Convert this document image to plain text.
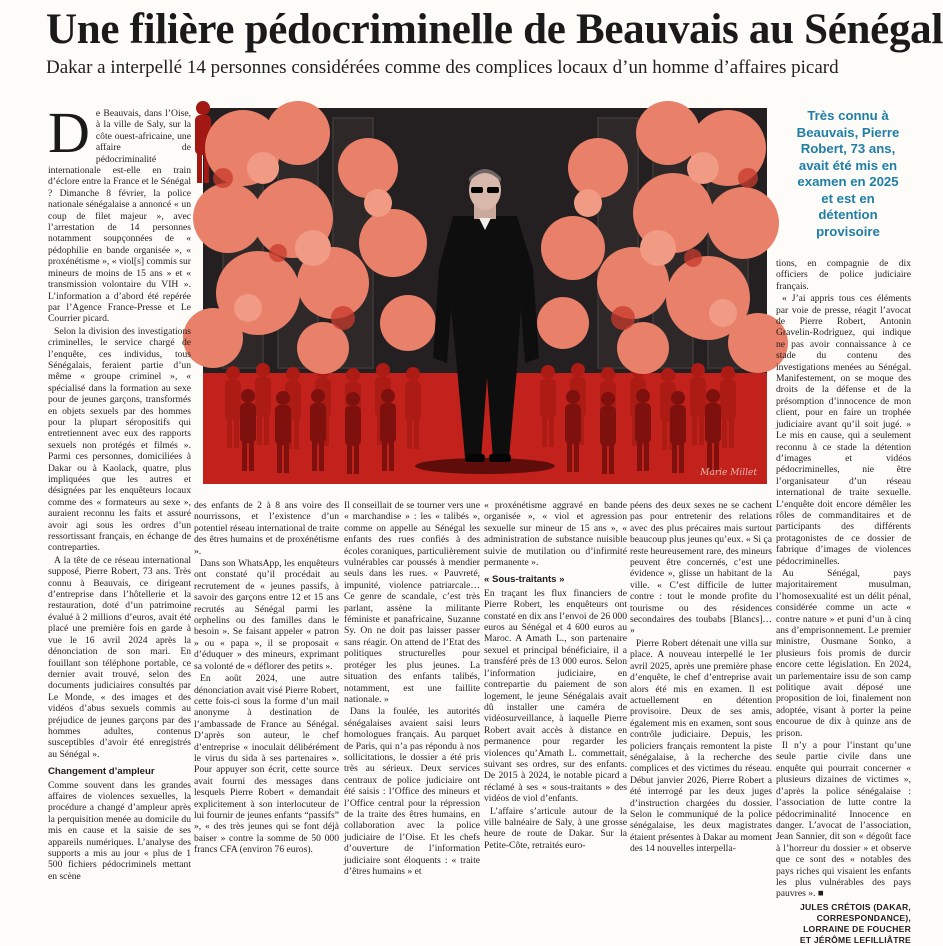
Une filière pédocriminelle de Beauvais au Sénégal
Dakar a interpellé 14 personnes considérées comme des complices locaux d’un homme d’affaires picard
Marie Millet
Très connu à Beauvais, Pierre Robert, 73 ans, avait été mis en examen en 2025 et est en détention provisoire

De Beauvais, dans l’Oise, à la ville de Saly, sur la côte ouest-africaine, une affaire de pédocriminalité internationale est-elle en train d’éclore entre la France et le Sénégal ? Dimanche 8 février, la police nationale sénégalaise a annoncé « un coup de filet majeur », avec l’arrestation de 14 personnes notamment soupçonnées de « pédophilie en bande organisée », « proxénétisme », « viol[s] commis sur mineurs de moins de 15 ans » et « transmission volontaire du VIH ». L’information a d’abord été repérée par l’Agence France-Presse et Le Courrier picard.

Selon la division des investigations criminelles, le service chargé de l’enquête, ces individus, tous Sénégalais, feraient partie d’un même « groupe criminel », « spécialisé dans la formation au sexe pour de jeunes garçons, transformés en objets sexuels par des hommes pour la plupart séropositifs qui entretiennent avec eux des rapports sexuels non protégés et filmés ». Parmi ces personnes, domiciliées à Dakar ou à Kaolack, quatre, plus impliquées que les autres et désignées par les enquêteurs locaux comme des « formateurs au sexe », auraient reconnu les faits et assuré avoir agi sous les ordres d’un ressortissant français, en échange de contreparties.

A la tête de ce réseau international supposé, Pierre Robert, 73 ans. Très connu à Beauvais, ce dirigeant d’entreprise dans l’hôtellerie et la restauration, doté d’un patrimoine évalué à 2 millions d’euros, avait été placé une première fois en garde à vue le 16 avril 2024 après la dénonciation de son mari. En fouillant son téléphone portable, ce dernier avait trouvé, selon des documents judiciaires consultés par Le Monde, « des images et des vidéos d’abus sexuels commis au préjudice de jeunes garçons par des hommes adultes, contenus susceptibles d’avoir été enregistrés au Sénégal ».

Changement d’ampleur

Comme souvent dans les grandes affaires de violences sexuelles, la procédure a changé d’ampleur après la perquisition menée au domicile du mis en cause et la saisie de ses appareils numériques. L’analyse des supports a mis au jour « plus de 1 500 fichiers pédocriminels mettant en scène

des enfants de 2 à 8 ans voire des nourrissons, et l’existence d’un potentiel réseau international de traite des êtres humains et de proxénétisme ».

Dans son WhatsApp, les enquêteurs ont constaté qu’il procédait au recrutement de « jeunes passifs, à savoir des garçons entre 12 et 15 ans recrutés au Sénégal parmi les orphelins ou des familles dans le besoin ». Se faisant appeler « patron » ou « papa », il se proposait « d’éduquer » des mineurs, exprimant sa volonté de « déflorer des petits ».

En août 2024, une autre dénonciation avait visé Pierre Robert, cette fois-ci sous la forme d’un mail anonyme à destination de l’ambassade de France au Sénégal. D’après son auteur, le chef d’entreprise « inoculait délibérément le virus du sida à ses partenaires ». Pour appuyer son écrit, cette source avait fourni des messages dans lesquels Pierre Robert « demandait explicitement à son interlocuteur de lui fournir de jeunes enfants “passifs” », « des très jeunes qui se font déjà baiser » contre la somme de 50 000 francs CFA (environ 76 euros).

Il conseillait de se tourner vers une « marchandise » : les « talibés », comme on appelle au Sénégal les enfants des rues confiés à des écoles coraniques, particulièrement vulnérables car poussés à mendier seuls dans les rues. « Pauvreté, impunité, violence patriarcale… Ce genre de scandale, c’est très parlant, assène la militante féministe et panafricaine, Suzanne Sy. On ne doit pas laisser passer sans réagir. On attend de l’Etat des politiques structurelles pour protéger les plus jeunes. La situation des enfants talibés, notamment, est une faillite nationale. »

Dans la foulée, les autorités sénégalaises avaient saisi leurs homologues français. Au parquet de Paris, qui n’a pas répondu à nos sollicitations, le dossier a été pris très au sérieux. Deux services centraux de police judiciaire ont été saisis : l’Office des mineurs et l’Office central pour la répression de la traite des êtres humains, en collaboration avec la police judiciaire de l’Oise. Et les chefs d’ouverture de l’information judiciaire sont éloquents : « traite d’êtres humains » et

« proxénétisme aggravé en bande organisée », « viol et agression sexuelle sur mineur de 15 ans », « administration de substance nuisible suivie de mutilation ou d’infirmité permanente ».

« Sous-traitants »

En traçant les flux financiers de Pierre Robert, les enquêteurs ont constaté en dix ans l’envoi de 26 000 euros au Sénégal et 4 600 euros au Maroc. A Amath L., son partenaire sexuel et principal bénéficiaire, il a transféré près de 13 000 euros. Selon l’information judiciaire, en contrepartie du paiement de son logement, le jeune Sénégalais avait dû installer une caméra de vidéosurveillance, à laquelle Pierre Robert avait accès à distance en permanence pour regarder les violences qu’Amath L. commettait, suivant ses ordres, sur des enfants. De 2015 à 2024, le notable picard a réclamé à ses « sous-traitants » des vidéos de viol d’enfants.

L’affaire s’articule autour de la ville balnéaire de Saly, à une grosse heure de route de Dakar. Sur la Petite-Côte, retraités euro-

péens des deux sexes ne se cachent pas pour entretenir des relations avec des plus précaires mais surtout beaucoup plus jeunes qu’eux. « Si ça reste heureusement rare, des mineurs peuvent être concernés, c’est une évidence », glisse un habitant de la ville. « C’est difficile de lutter contre : tout le monde profite du tourisme ou des résidences secondaires des toubabs [Blancs]… »

Pierre Robert détenait une villa sur place. A nouveau interpellé le 1er avril 2025, après une première phase d’enquête, le chef d’entreprise avait alors été mis en examen. Il est actuellement en détention provisoire. Deux de ses amis, également mis en examen, sont sous contrôle judiciaire. Depuis, les policiers français remontent la piste sénégalaise, à la recherche des complices et des victimes du réseau. Début janvier 2026, Pierre Robert a été interrogé par les deux juges d’instruction chargées du dossier. Selon le communiqué de la police sénégalaise, les deux magistrates étaient présentes à Dakar au moment des 14 nouvelles interpella-

tions, en compagnie de dix officiers de police judiciaire français.

« J’ai appris tous ces éléments par voie de presse, réagit l’avocat de Pierre Robert, Antonin Gravelin-Rodriguez, qui indique ne pas avoir connaissance à ce stade du contenu des investigations menées au Sénégal. Manifestement, on se moque des droits de la défense et de la présomption d’innocence de mon client, pour en faire un trophée judiciaire avant qu’il soit jugé. » Le mis en cause, qui a seulement reconnu à ce stade la détention d’images et vidéos pédocriminelles, nie être l’organisateur d’un réseau international de traite sexuelle. L’enquête doit encore démêler les rôles de commanditaires et de participants des différents protagonistes de ce dossier de fabrique d’images de violences pédocriminelles.

Au Sénégal, pays majoritairement musulman, l’homosexualité est un délit pénal, considérée comme un acte « contre nature » et puni d’un à cinq ans d’emprisonnement. Le premier ministre, Ousmane Sonko, a plusieurs fois promis de durcir encore cette législation. En 2024, un parlementaire issu de son camp politique avait déposé une proposition de loi, finalement non adoptée, visant à porter la peine encourue de dix à quinze ans de prison.

Il n’y a pour l’instant qu’une seule partie civile dans une enquête qui pourrait concerner « plusieurs dizaines de victimes », d’après la police sénégalaise : l’association de lutte contre la pédocriminalité Innocence en danger. L’avocat de l’association, Jean Sannier, dit son « dégoût face à l’horreur du dossier » et observe que ce sont des « notables des pays riches qui visaient les enfants les plus vulnérables des pays pauvres ». ■

JULES CRÉTOIS (DAKAR,
CORRESPONDANCE),
LORRAINE DE FOUCHER
ET JÉRÔME LEFILLIÂTRE
